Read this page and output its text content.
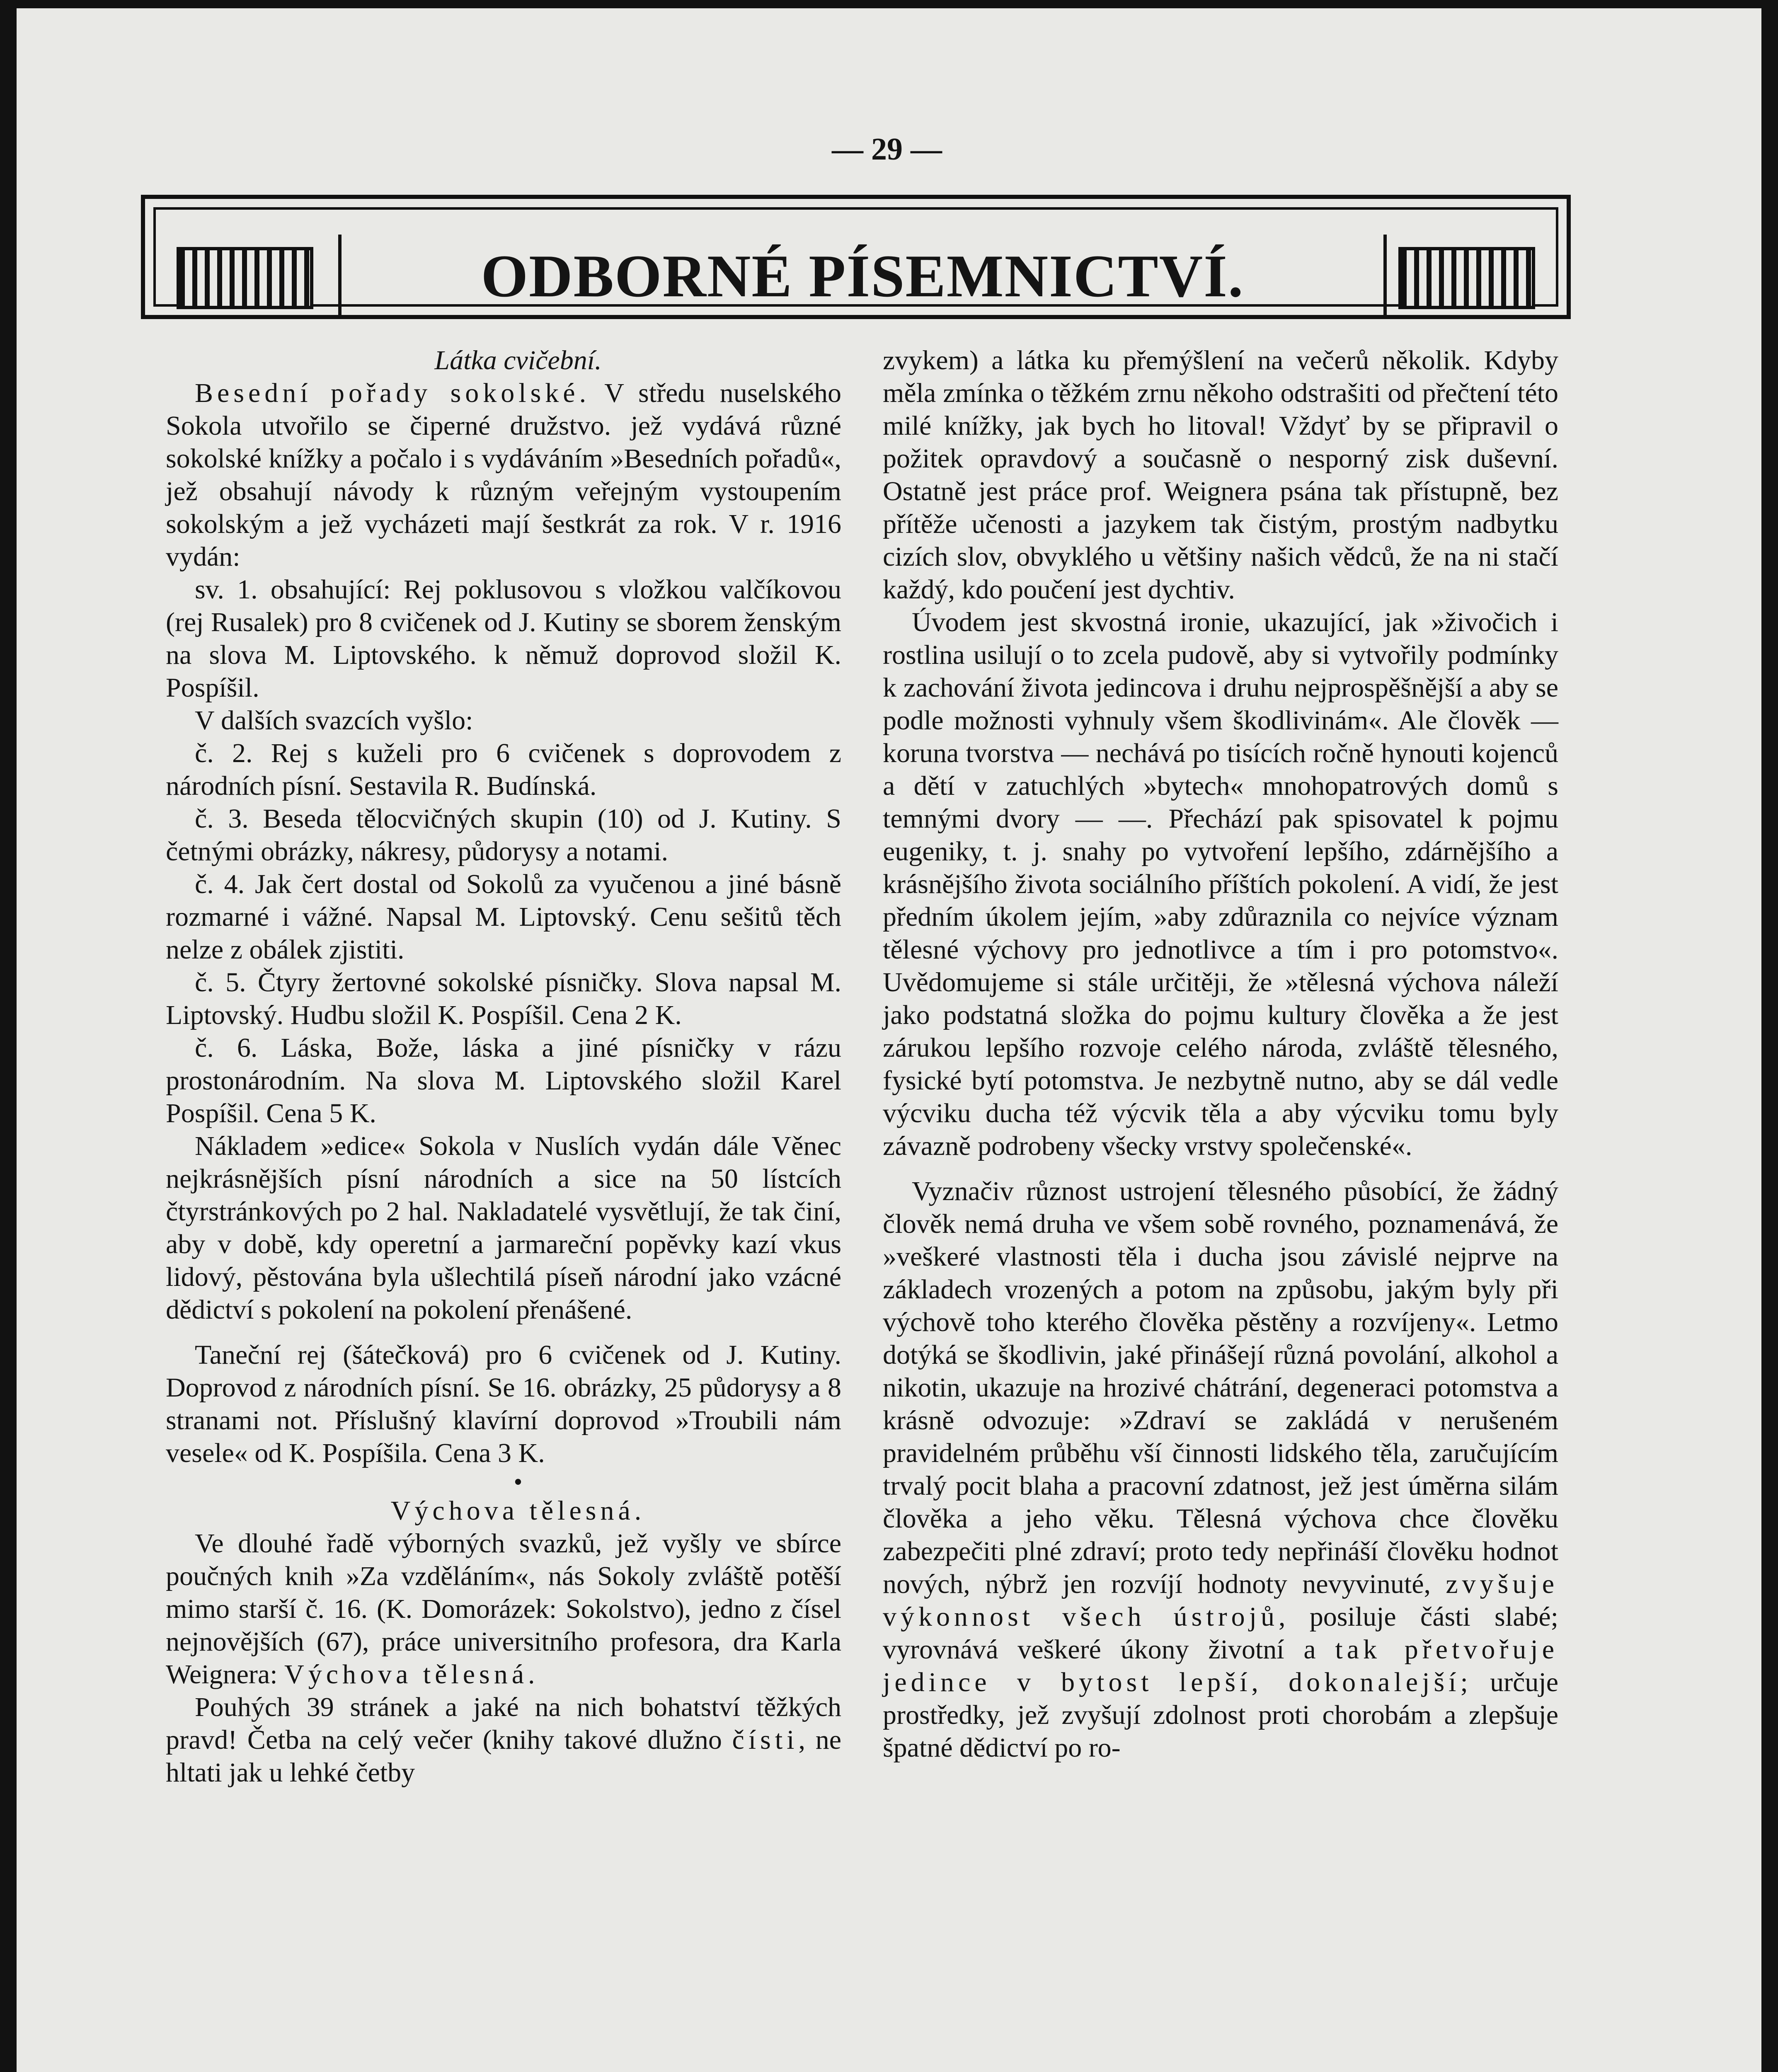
— 29 —
ODBORNÉ PÍSEMNICTVÍ.

Látka cvičební.

Besední pořady sokolské. V středu nuselského Sokola utvořilo se čiperné družstvo. jež vydává různé sokolské knížky a počalo i s vydáváním »Besedních pořadů«, jež obsahují návody k různým veřejným vystoupením sokolským a jež vycházeti mají šestkrát za rok. V r. 1916 vydán:

sv. 1. obsahující: Rej poklusovou s vložkou valčíkovou (rej Rusalek) pro 8 cvičenek od J. Kutiny se sborem ženským na slova M. Liptovského. k němuž doprovod složil K. Pospíšil.

V dalších svazcích vyšlo:

č. 2. Rej s kuželi pro 6 cvičenek s doprovodem z národních písní. Sestavila R. Budínská.

č. 3. Beseda tělocvičných skupin (10) od J. Kutiny. S četnými obrázky, nákresy, půdorysy a notami.

č. 4. Jak čert dostal od Sokolů za vyučenou a jiné básně rozmarné i vážné. Napsal M. Liptovský. Cenu sešitů těch nelze z obálek zjistiti.

č. 5. Čtyry žertovné sokolské písničky. Slova napsal M. Liptovský. Hudbu složil K. Pospíšil. Cena 2 K.

č. 6. Láska, Bože, láska a jiné písničky v rázu prostonárodním. Na slova M. Liptovského složil Karel Pospíšil. Cena 5 K.

Nákladem »edice« Sokola v Nuslích vydán dále Věnec nejkrásnějších písní národních a sice na 50 lístcích čtyrstránkových po 2 hal. Nakladatelé vysvětlují, že tak činí, aby v době, kdy operetní a jarmareční popěvky kazí vkus lidový, pěstována byla ušlechtilá píseň národní jako vzácné dědictví s pokolení na pokolení přenášené.

Taneční rej (šátečková) pro 6 cvičenek od J. Kutiny. Doprovod z národních písní. Se 16. obrázky, 25 půdorysy a 8 stranami not. Příslušný klavírní doprovod »Troubili nám vesele« od K. Pospíšila. Cena 3 K.

•

Výchova tělesná.

Ve dlouhé řadě výborných svazků, jež vyšly ve sbírce poučných knih »Za vzděláním«, nás Sokoly zvláště potěší mimo starší č. 16. (K. Domorázek: Sokolstvo), jedno z čísel nejnovějších (67), práce universitního profesora, dra Karla Weignera: Výchova tělesná.

Pouhých 39 stránek a jaké na nich bohatství těžkých pravd! Četba na celý večer (knihy takové dlužno čísti, ne hltati jak u lehké četby

zvykem) a látka ku přemýšlení na večerů několik. Kdyby měla zmínka o těžkém zrnu někoho odstrašiti od přečtení této milé knížky, jak bych ho litoval! Vždyť by se připravil o požitek opravdový a současně o nesporný zisk duševní. Ostatně jest práce prof. Weignera psána tak přístupně, bez přítěže učenosti a jazykem tak čistým, prostým nadbytku cizích slov, obvyklého u většiny našich vědců, že na ni stačí každý, kdo poučení jest dychtiv.

Úvodem jest skvostná ironie, ukazující, jak »živočich i rostlina usilují o to zcela pudově, aby si vytvořily podmínky k zachování života jedincova i druhu nejprospěšnější a aby se podle možnosti vyhnuly všem škodlivinám«. Ale člověk — koruna tvorstva — nechává po tisících ročně hynouti kojenců a dětí v zatuchlých »bytech« mnohopatrových domů s temnými dvory — —. Přechází pak spisovatel k pojmu eugeniky, t. j. snahy po vytvoření lepšího, zdárnějšího a krásnějšího života sociálního příštích pokolení. A vidí, že jest předním úkolem jejím, »aby zdůraznila co nejvíce význam tělesné výchovy pro jednotlivce a tím i pro potomstvo«. Uvědomujeme si stále určitěji, že »tělesná výchova náleží jako podstatná složka do pojmu kultury člověka a že jest zárukou lepšího rozvoje celého národa, zvláště tělesného, fysické bytí potomstva. Je nezbytně nutno, aby se dál vedle výcviku ducha též výcvik těla a aby výcviku tomu byly závazně podrobeny všecky vrstvy společenské«.

Vyznačiv různost ustrojení tělesného působící, že žádný člověk nemá druha ve všem sobě rovného, poznamenává, že »veškeré vlastnosti těla i ducha jsou závislé nejprve na základech vrozených a potom na způsobu, jakým byly při výchově toho kterého člověka pěstěny a rozvíjeny«. Letmo dotýká se škodlivin, jaké přinášejí různá povolání, alkohol a nikotin, ukazuje na hrozivé chátrání, degeneraci potomstva a krásně odvozuje: »Zdraví se zakládá v nerušeném pravidelném průběhu vší činnosti lidského těla, zaručujícím trvalý pocit blaha a pracovní zdatnost, jež jest úměrna silám člověka a jeho věku. Tělesná výchova chce člověku zabezpečiti plné zdraví; proto tedy nepřináší člověku hodnot nových, nýbrž jen rozvíjí hodnoty nevyvinuté, zvyšuje výkonnost všech ústrojů, posiluje části slabé; vyrovnává veškeré úkony životní a tak přetvořuje jedince v bytost lepší, dokonalejší; určuje prostředky, jež zvyšují zdolnost proti chorobám a zlepšuje špatné dědictví po ro-
